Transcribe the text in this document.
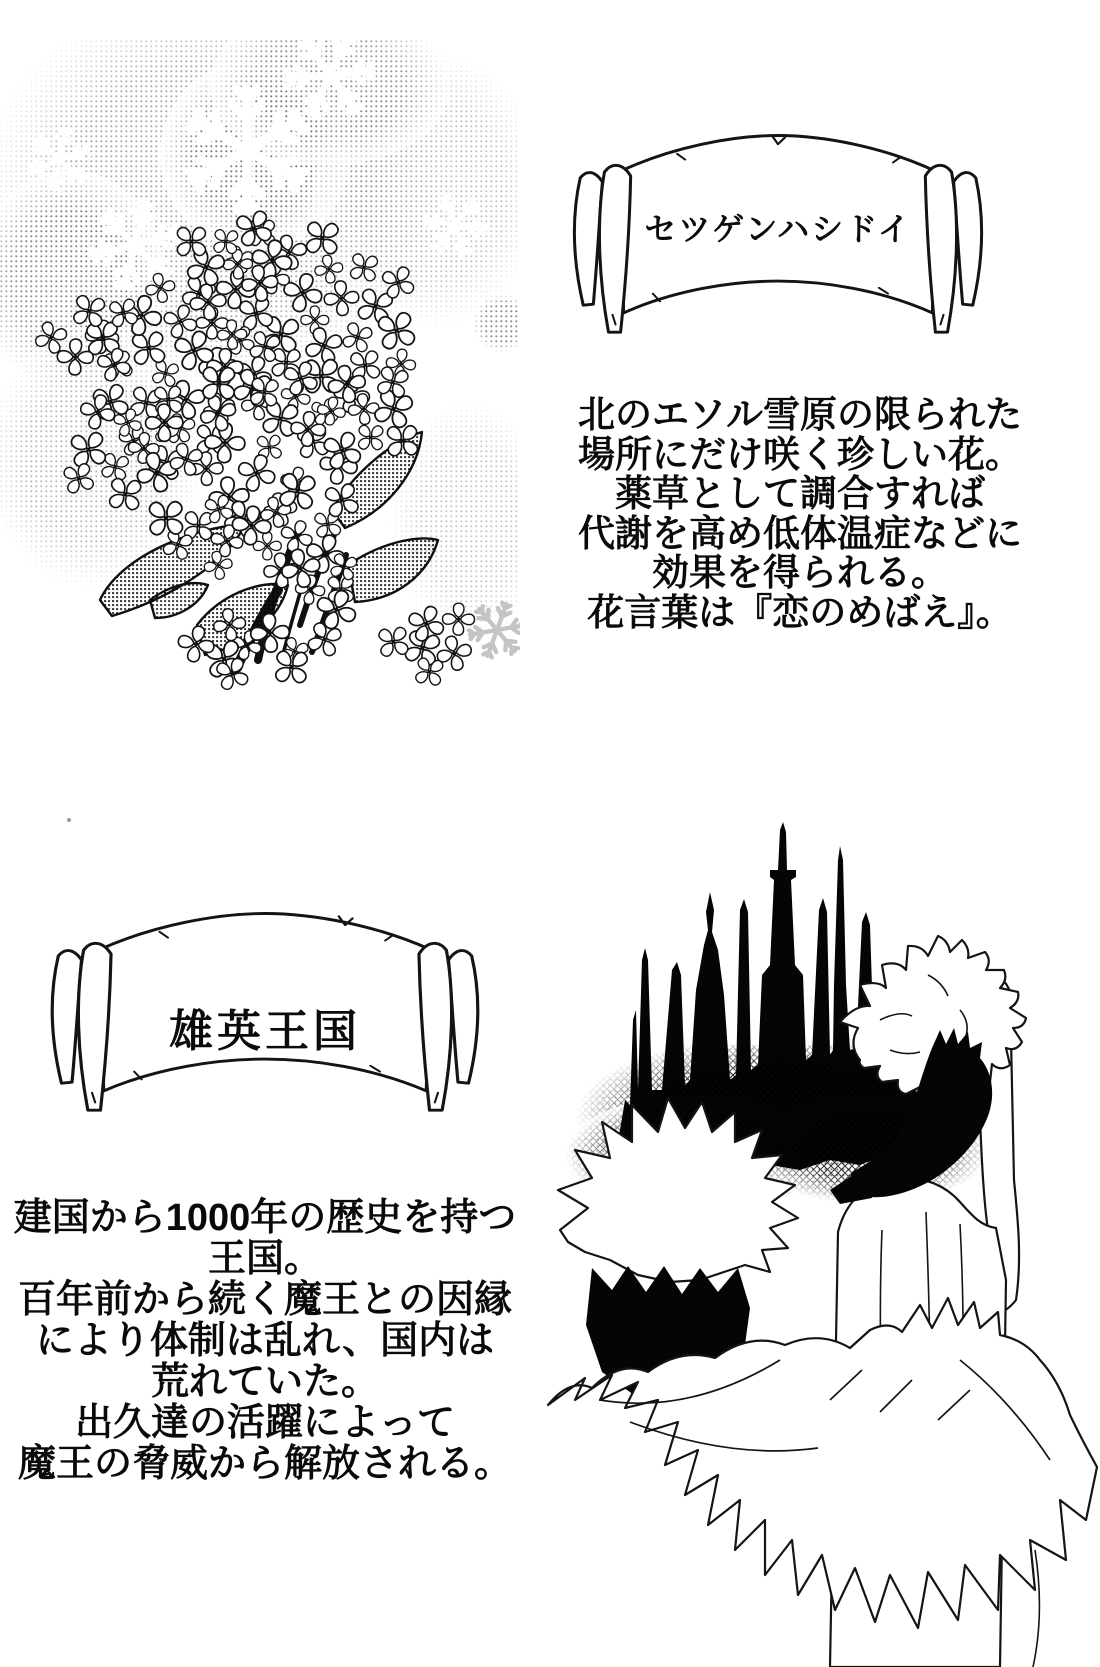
セツゲンハシドイ
北のエソル雪原の限られた
場所にだけ咲く珍しい花。
薬草として調合すれば
代謝を高め低体温症などに
効果を得られる。
花言葉は『恋のめばえ』。
雄英王国
建国から1000年の歴史を持つ
王国。
百年前から続く魔王との因縁
により体制は乱れ、国内は
荒れていた。
出久達の活躍によって
魔王の脅威から解放される。
